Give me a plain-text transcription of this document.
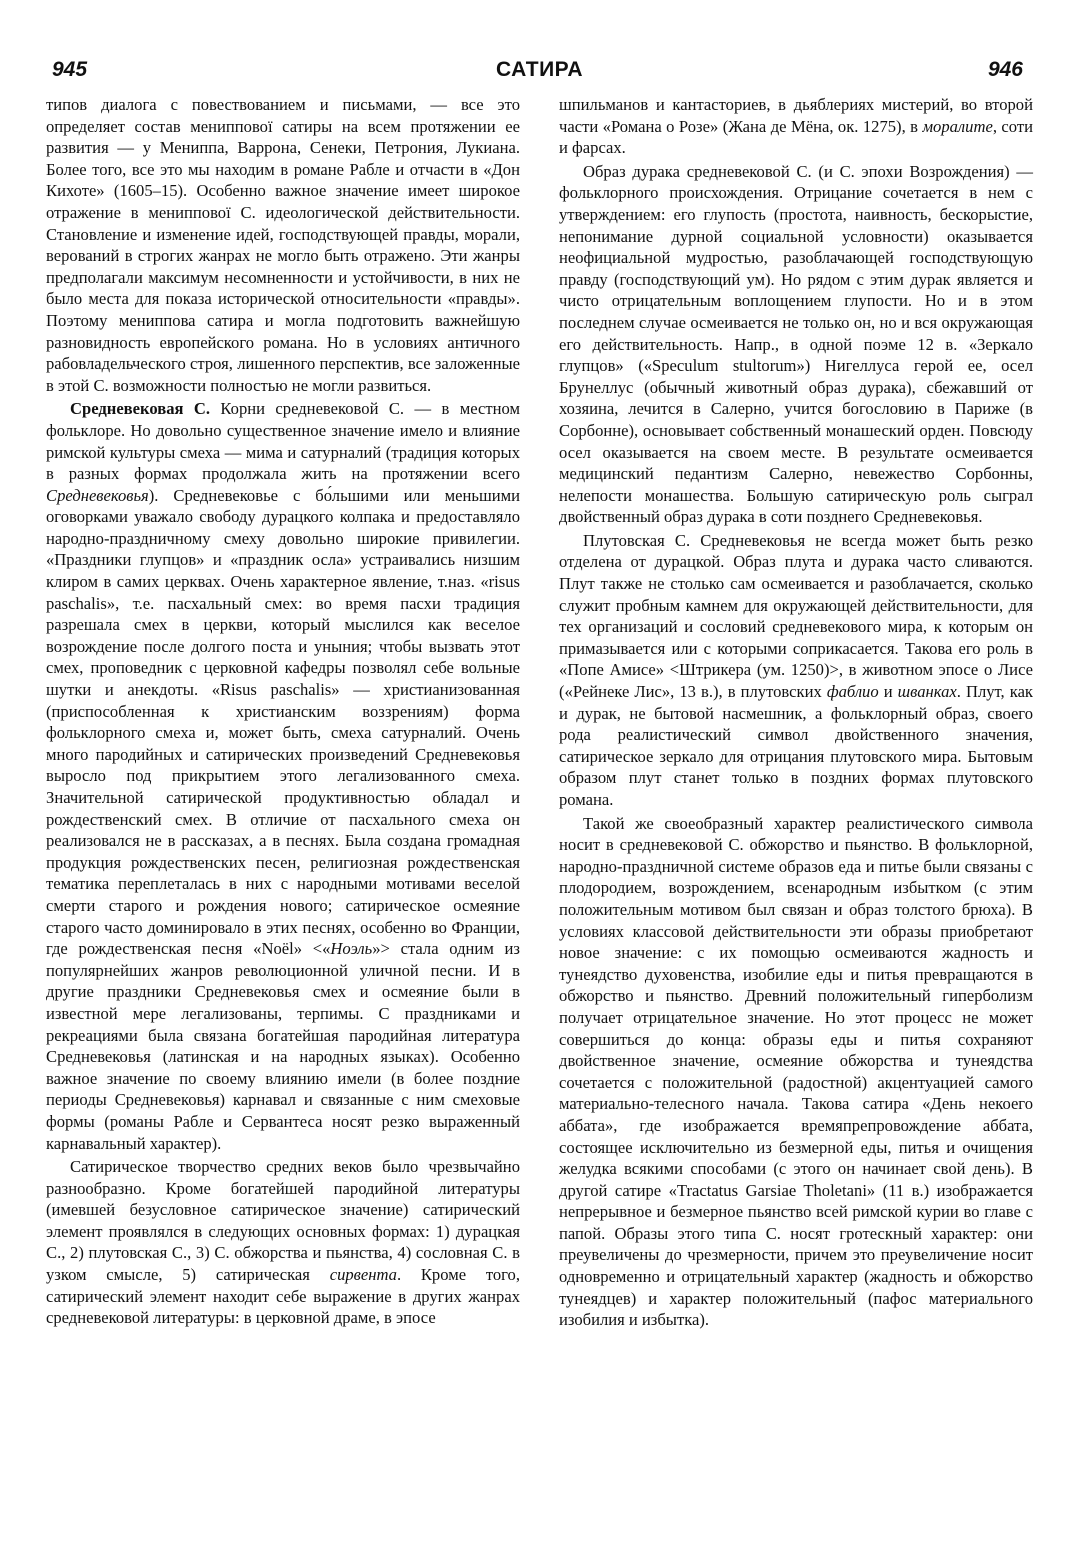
945	САТИРА	946

типов диалога с повествованием и письмами, — все это определяет состав мениппової сатиры на всем протяжении ее развития — у Мениппа, Варрона, Сенеки, Петрония, Лукиана. Более того, все это мы находим в романе Рабле и отчасти в «Дон Кихоте» (1605–15). Особенно важное значение имеет широкое отражение в мениппової С. идеологической действительности. Становление и изменение идей, господствующей правды, морали, верований в строгих жанрах не могло быть отражено. Эти жанры предполагали максимум несомненности и устойчивости, в них не было места для показа исторической относительности «правды». Поэтому мениппова сатира и могла подготовить важнейшую разновидность европейского романа. Но в условиях античного рабовладельческого строя, лишенного перспектив, все заложенные в этой С. возможности полностью не могли развиться.

Средневековая С. Корни средневековой С. — в местном фольклоре. Но довольно существенное значение имело и влияние римской культуры смеха — мима и сатурналий (традиция которых в разных формах продолжала жить на протяжении всего Средневековья). Средневековье с бо́льшими или меньшими оговорками уважало свободу дурацкого колпака и предоставляло народно-праздничному смеху довольно широкие привилегии. «Праздники глупцов» и «праздник осла» устраивались низшим клиром в самих церквах. Очень характерное явление, т.наз. «risus paschalis», т.е. пасхальный смех: во время пасхи традиция разрешала смех в церкви, который мыслился как веселое возрождение после долгого поста и уныния; чтобы вызвать этот смех, проповедник с церковной кафедры позволял себе вольные шутки и анекдоты. «Risus paschalis» — христианизованная (приспособленная к христианским воззрениям) форма фольклорного смеха и, может быть, смеха сатурналий. Очень много пародийных и сатирических произведений Средневековья выросло под прикрытием этого легализованного смеха. Значительной сатирической продуктивностью обладал и рождественский смех. В отличие от пасхального смеха он реализовался не в рассказах, а в песнях. Была создана громадная продукция рождественских песен, религиозная рождественская тематика переплеталась в них с народными мотивами веселой смерти старого и рождения нового; сатирическое осмеяние старого часто доминировало в этих песнях, особенно во Франции, где рождественская песня «Noël» <«Ноэль»> стала одним из популярнейших жанров революционной уличной песни. И в другие праздники Средневековья смех и осмеяние были в известной мере легализованы, терпимы. С праздниками и рекреациями была связана богатейшая пародийная литература Средневековья (латинская и на народных языках). Особенно важное значение по своему влиянию имели (в более поздние периоды Средневековья) карнавал и связанные с ним смеховые формы (романы Рабле и Сервантеса носят резко выраженный карнавальный характер).

Сатирическое творчество средних веков было чрезвычайно разнообразно. Кроме богатейшей пародийной литературы (имевшей безусловное сатирическое значение) сатирический элемент проявлялся в следующих основных формах: 1) дурацкая С., 2) плутовская С., 3) С. обжорства и пьянства, 4) сословная С. в узком смысле, 5) сатирическая сирвента. Кроме того, сатирический элемент находит себе выражение в других жанрах средневековой литературы: в церковной драме, в эпосе

шпильманов и кантасториев, в дьяблериях мистерий, во второй части «Романа о Розе» (Жана де Мёна, ок. 1275), в моралите, соти и фарсах.

Образ дурака средневековой С. (и С. эпохи Возрождения) — фольклорного происхождения. Отрицание сочетается в нем с утверждением: его глупость (простота, наивность, бескорыстие, непонимание дурной социальной условности) оказывается неофициальной мудростью, разоблачающей господствующую правду (господствующий ум). Но рядом с этим дурак является и чисто отрицательным воплощением глупости. Но и в этом последнем случае осмеивается не только он, но и вся окружающая его действительность. Напр., в одной поэме 12 в. «Зеркало глупцов» («Speculum stultorum») Нигеллуса герой ее, осел Брунеллус (обычный животный образ дурака), сбежавший от хозяина, лечится в Салерно, учится богословию в Париже (в Сорбонне), основывает собственный монашеский орден. Повсюду осел оказывается на своем месте. В результате осмеивается медицинский педантизм Салерно, невежество Сорбонны, нелепости монашества. Большую сатирическую роль сыграл двойственный образ дурака в соти позднего Средневековья.

Плутовская С. Средневековья не всегда может быть резко отделена от дурацкой. Образ плута и дурака часто сливаются. Плут также не столько сам осмеивается и разоблачается, сколько служит пробным камнем для окружающей действительности, для тех организаций и сословий средневекового мира, к которым он примазывается или с которыми соприкасается. Такова его роль в «Попе Амисе» <Штрикера (ум. 1250)>, в животном эпосе о Лисе («Рейнеке Лис», 13 в.), в плутовских фаблио и шванках. Плут, как и дурак, не бытовой насмешник, а фольклорный образ, своего рода реалистический символ двойственного значения, сатирическое зеркало для отрицания плутовского мира. Бытовым образом плут станет только в поздних формах плутовского романа.

Такой же своеобразный характер реалистического символа носит в средневековой С. обжорство и пьянство. В фольклорной, народно-праздничной системе образов еда и питье были связаны с плодородием, возрождением, всенародным избытком (с этим положительным мотивом был связан и образ толстого брюха). В условиях классовой действительности эти образы приобретают новое значение: с их помощью осмеиваются жадность и тунеядство духовенства, изобилие еды и питья превращаются в обжорство и пьянство. Древний положительный гиперболизм получает отрицательное значение. Но этот процесс не может совершиться до конца: образы еды и питья сохраняют двойственное значение, осмеяние обжорства и тунеядства сочетается с положительной (радостной) акцентуацией самого материально-телесного начала. Такова сатира «День некоего аббата», где изображается времяпрепровождение аббата, состоящее исключительно из безмерной еды, питья и очищения желудка всякими способами (с этого он начинает свой день). В другой сатире «Tractatus Garsiae Tholetani» (11 в.) изображается непрерывное и безмерное пьянство всей римской курии во главе с папой. Образы этого типа С. носят гротескный характер: они преувеличены до чрезмерности, причем это преувеличение носит одновременно и отрицательный характер (жадность и обжорство тунеядцев) и характер положительный (пафос материального изобилия и избытка).
